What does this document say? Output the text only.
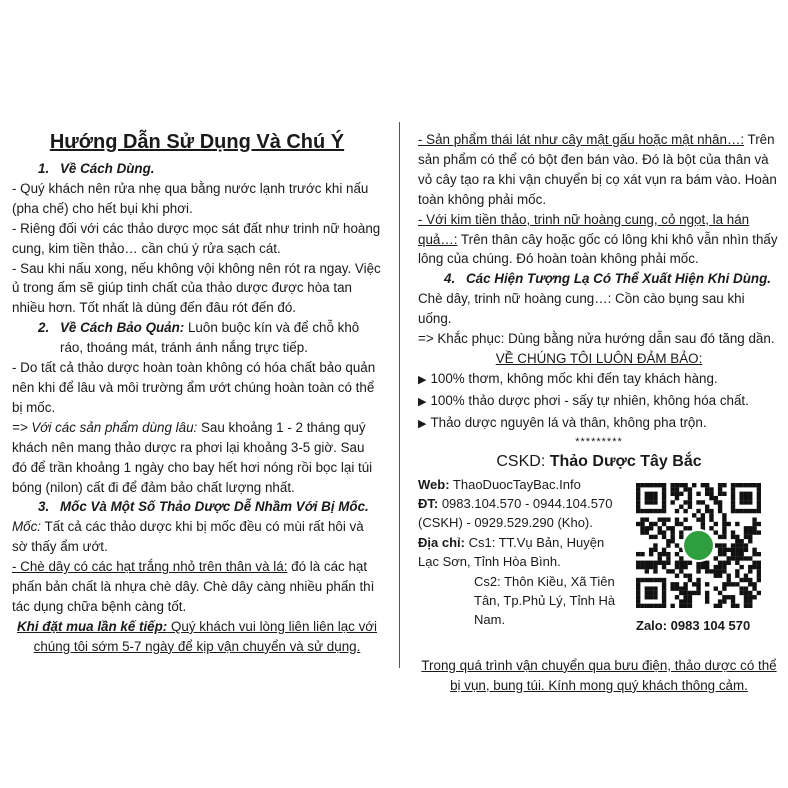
Hướng Dẫn Sử Dụng Và Chú Ý
1. Về Cách Dùng.
- Quý khách nên rửa nhẹ qua bằng nước lạnh trước khi nấu (pha chế) cho hết bụi khi phơi.
- Riêng đối với các thảo dược mọc sát đất như trinh nữ hoàng cung, kim tiền thảo… cần chú ý rửa sạch cát.
- Sau khi nấu xong, nếu không vội không nên rót ra ngay. Việc ủ trong ấm sẽ giúp tinh chất của thảo dược được hòa tan nhiều hơn. Tốt nhất là dùng đến đâu rót đến đó.
2. Về Cách Bảo Quản: Luôn buộc kín và để chỗ khô
ráo, thoáng mát, tránh ánh nắng trực tiếp.
- Do tất cả thảo dược hoàn toàn không có hóa chất bảo quản nên khi để lâu và môi trường ẩm ướt chúng hoàn toàn có thể bị mốc.
=> Với các sản phẩm dùng lâu: Sau khoảng 1 - 2 tháng quý khách nên mang thảo dược ra phơi lại khoảng 3-5 giờ. Sau đó để trần khoảng 1 ngày cho bay hết hơi nóng rồi bọc lại túi bóng (nilon) cất đi để đảm bảo chất lượng nhất.
3. Mốc Và Một Số Thảo Dược Dễ Nhầm Với Bị Mốc.
Mốc: Tất cả các thảo dược khi bị mốc đều có mùi rất hôi và sờ thấy ẩm ướt.
- Chè dây có các hạt trắng nhỏ trên thân và lá: đó là các hạt phấn bản chất là nhựa chè dây. Chè dây càng nhiều phấn thì tác dụng chữa bệnh càng tốt.
Khi đặt mua lần kế tiếp: Quý khách vui lòng liên liên lạc với chúng tôi sớm 5-7 ngày để kịp vận chuyển và sử dụng.
- Sản phẩm thái lát như cây mật gấu hoặc mật nhân…: Trên sản phẩm có thể có bột đen bán vào. Đó là bột của thân và vỏ cây tạo ra khi vận chuyển bị cọ xát vụn ra bám vào. Hoàn toàn không phải mốc.
- Với kim tiền thảo, trinh nữ hoàng cung, cỏ ngọt, la hán quả…: Trên thân cây hoặc gốc có lông khi khô vẫn nhìn thấy lông của chúng. Đó hoàn toàn không phải mốc.
4. Các Hiện Tượng Lạ Có Thể Xuất Hiện Khi Dùng.
Chè dây, trinh nữ hoàng cung…: Cồn cào bụng sau khi uống.
=> Khắc phục: Dùng bằng nửa hướng dẫn sau đó tăng dần.
VỀ CHÚNG TÔI LUÔN ĐẢM BẢO:
▶ 100% thơm, không mốc khi đến tay khách hàng.
▶ 100% thảo dược phơi - sấy tự nhiên, không hóa chất.
▶ Thảo dược nguyên lá và thân, không pha trộn.
*********
CSKD: Thảo Dược Tây Bắc
Web: ThaoDuocTayBac.Info
ĐT: 0983.104.570 - 0944.104.570 (CSKH) - 0929.529.290 (Kho).
Địa chỉ: Cs1: TT.Vụ Bản, Huyện Lạc Sơn, Tỉnh Hòa Bình.
Cs2: Thôn Kiều, Xã Tiên Tân, Tp.Phủ Lý, Tỉnh Hà Nam.	Zalo: 0983 104 570
Trong quá trình vận chuyển qua bưu điện, thảo dược có thể bị vụn, bung túi. Kính mong quý khách thông cảm.
